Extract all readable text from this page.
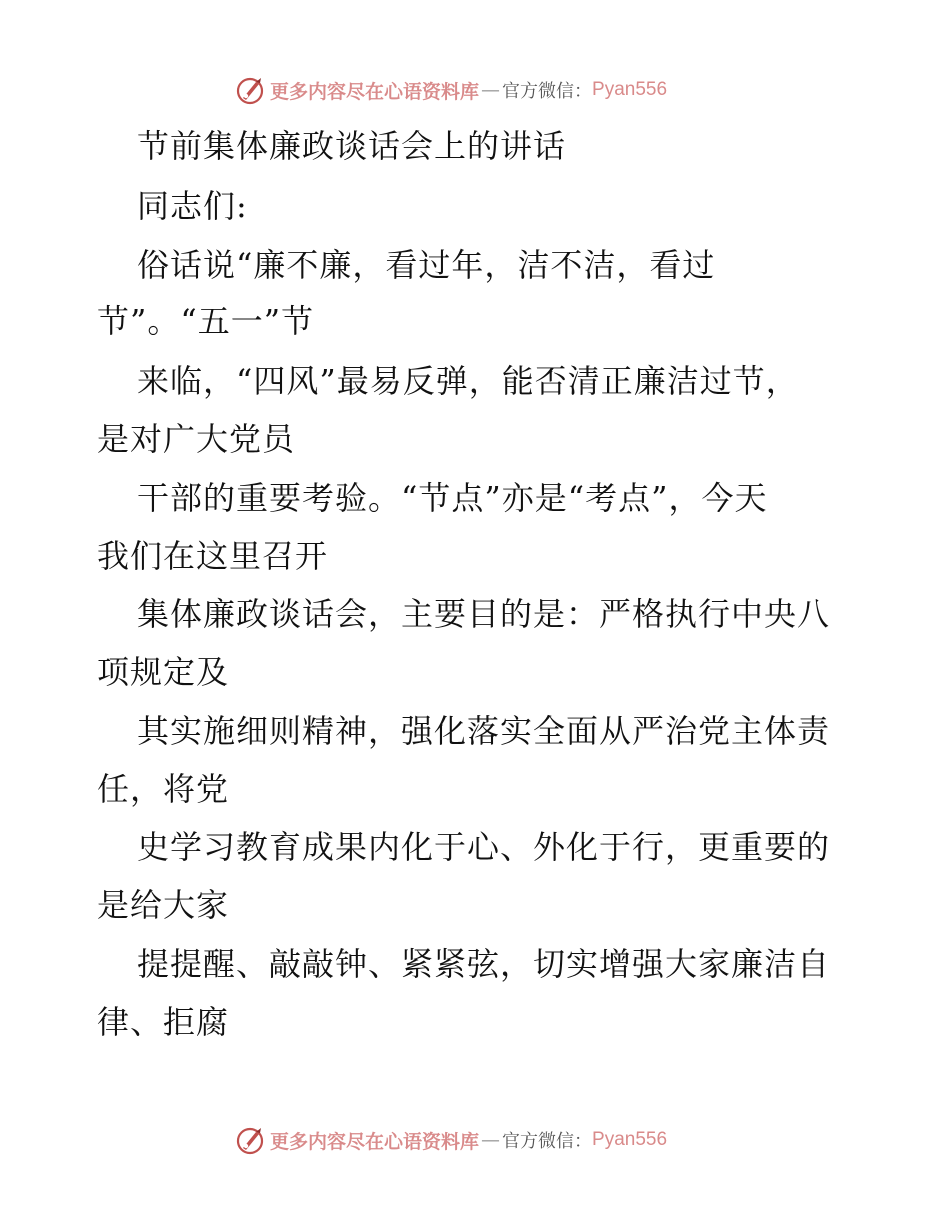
更多内容尽在心语资料库 — 官方微信： Pyan556
节前集体廉政谈话会上的讲话
同志们:
俗话说“廉不廉，看过年，洁不洁，看过
节”。“五一”节
来临，“四风”最易反弹，能否清正廉洁过节，
是对广大党员
干部的重要考验。“节点”亦是“考点”，今天
我们在这里召开
集体廉政谈话会，主要目的是：严格执行中央八
项规定及
其实施细则精神，强化落实全面从严治党主体责
任，将党
史学习教育成果内化于心、外化于行，更重要的
是给大家
提提醒、敲敲钟、紧紧弦，切实增强大家廉洁自
律、拒腐
更多内容尽在心语资料库 — 官方微信： Pyan556
